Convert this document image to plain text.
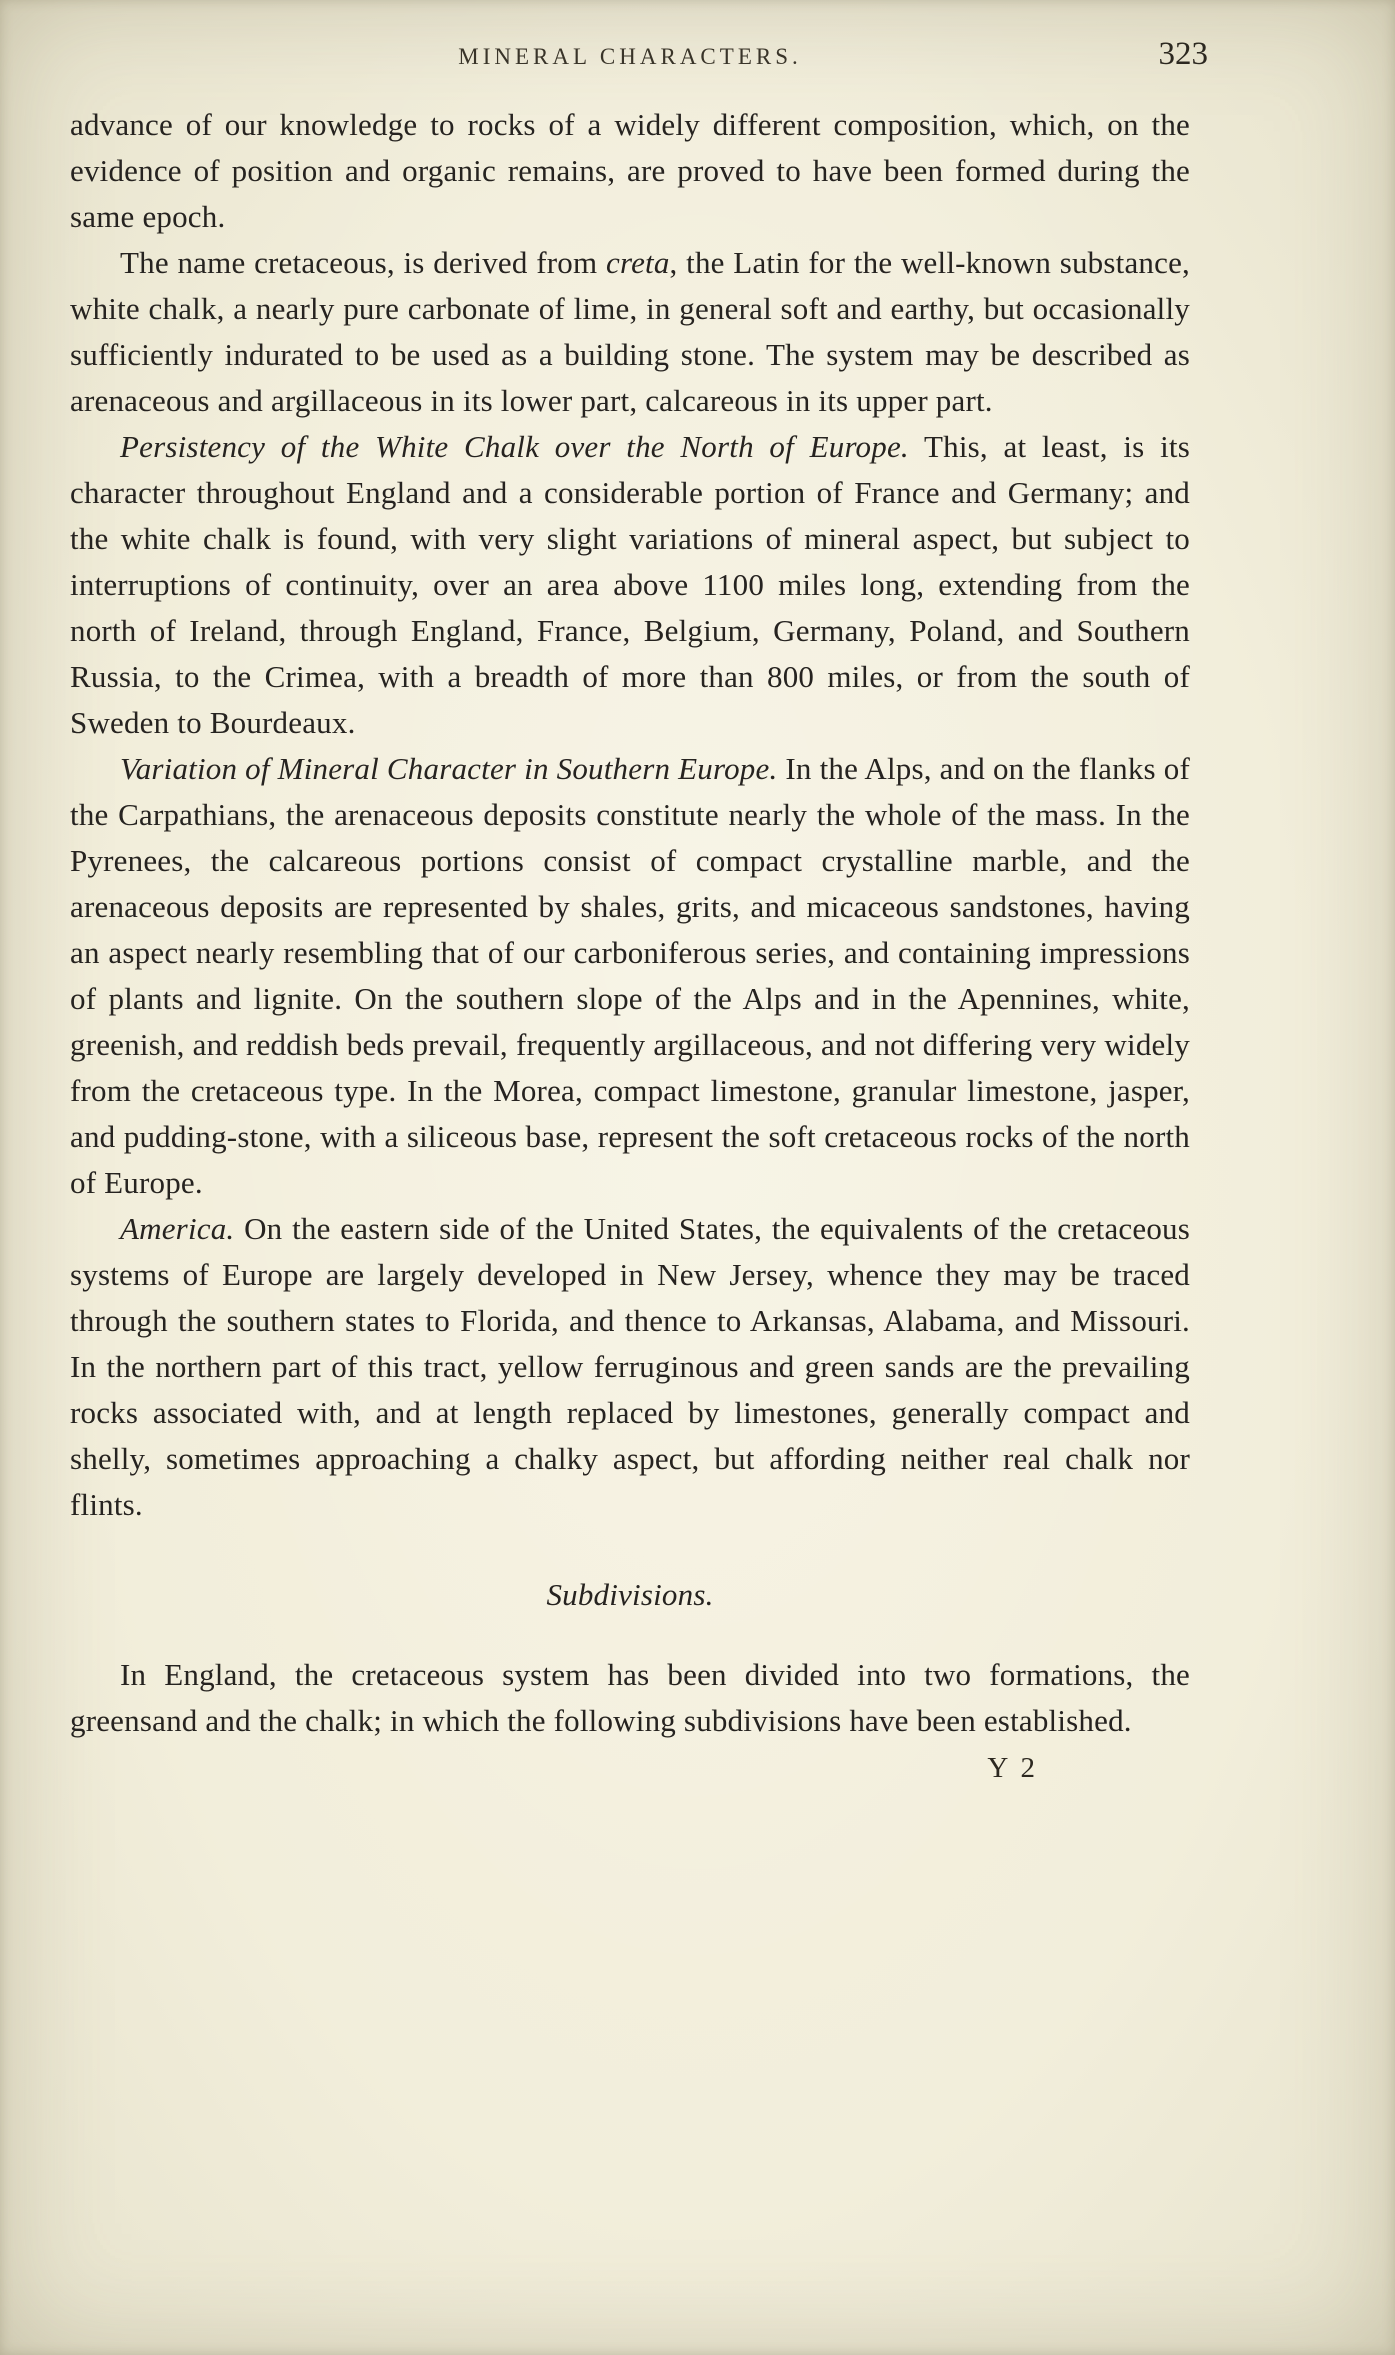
MINERAL CHARACTERS.	323

advance of our knowledge to rocks of a widely different composition, which, on the evidence of position and organic remains, are proved to have been formed during the same epoch.

The name cretaceous, is derived from creta, the Latin for the well-known substance, white chalk, a nearly pure carbonate of lime, in general soft and earthy, but occasionally sufficiently indurated to be used as a building stone. The system may be described as arenaceous and argillaceous in its lower part, calcareous in its upper part.

Persistency of the White Chalk over the North of Europe. This, at least, is its character throughout England and a considerable portion of France and Germany; and the white chalk is found, with very slight variations of mineral aspect, but subject to interruptions of continuity, over an area above 1100 miles long, extending from the north of Ireland, through England, France, Belgium, Germany, Poland, and Southern Russia, to the Crimea, with a breadth of more than 800 miles, or from the south of Sweden to Bourdeaux.

Variation of Mineral Character in Southern Europe. In the Alps, and on the flanks of the Carpathians, the arenaceous deposits constitute nearly the whole of the mass. In the Pyrenees, the calcareous portions consist of compact crystalline marble, and the arenaceous deposits are represented by shales, grits, and micaceous sandstones, having an aspect nearly resembling that of our carboniferous series, and containing impressions of plants and lignite. On the southern slope of the Alps and in the Apennines, white, greenish, and reddish beds prevail, frequently argillaceous, and not differing very widely from the cretaceous type. In the Morea, compact limestone, granular limestone, jasper, and pudding-stone, with a siliceous base, represent the soft cretaceous rocks of the north of Europe.

America. On the eastern side of the United States, the equivalents of the cretaceous systems of Europe are largely developed in New Jersey, whence they may be traced through the southern states to Florida, and thence to Arkansas, Alabama, and Missouri. In the northern part of this tract, yellow ferruginous and green sands are the prevailing rocks associated with, and at length replaced by limestones, generally compact and shelly, sometimes approaching a chalky aspect, but affording neither real chalk nor flints.

Subdivisions.

In England, the cretaceous system has been divided into two formations, the greensand and the chalk; in which the following subdivisions have been established.

Y 2
